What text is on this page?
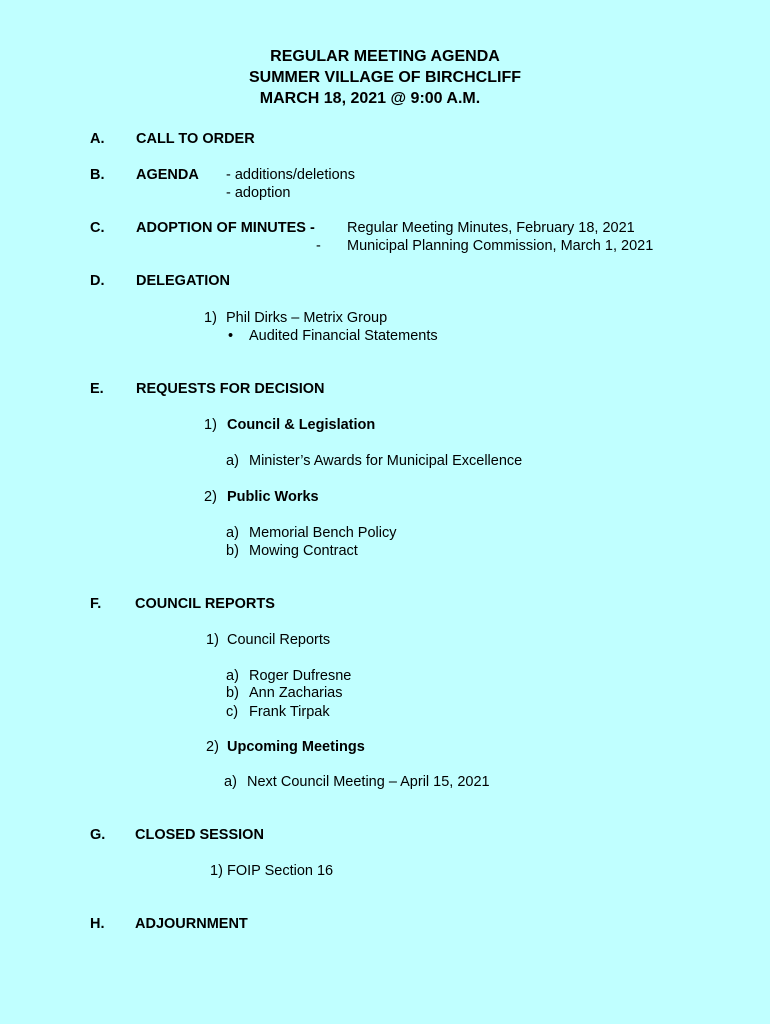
REGULAR MEETING AGENDA
SUMMER VILLAGE OF BIRCHCLIFF
MARCH 18, 2021 @ 9:00 A.M.
A. CALL TO ORDER
B. AGENDA - additions/deletions
- adoption
C. ADOPTION OF MINUTES -
-
Regular Meeting Minutes, February 18, 2021
Municipal Planning Commission, March 1, 2021
D. DELEGATION
1) Phil Dirks – Metrix Group
• Audited Financial Statements
E. REQUESTS FOR DECISION
1) Council & Legislation
a) Minister’s Awards for Municipal Excellence
2) Public Works
a) Memorial Bench Policy
b) Mowing Contract
F. COUNCIL REPORTS
1) Council Reports
a) Roger Dufresne
b) Ann Zacharias
c) Frank Tirpak
2) Upcoming Meetings
a) Next Council Meeting – April 15, 2021
G. CLOSED SESSION
1) FOIP Section 16
H. ADJOURNMENT
